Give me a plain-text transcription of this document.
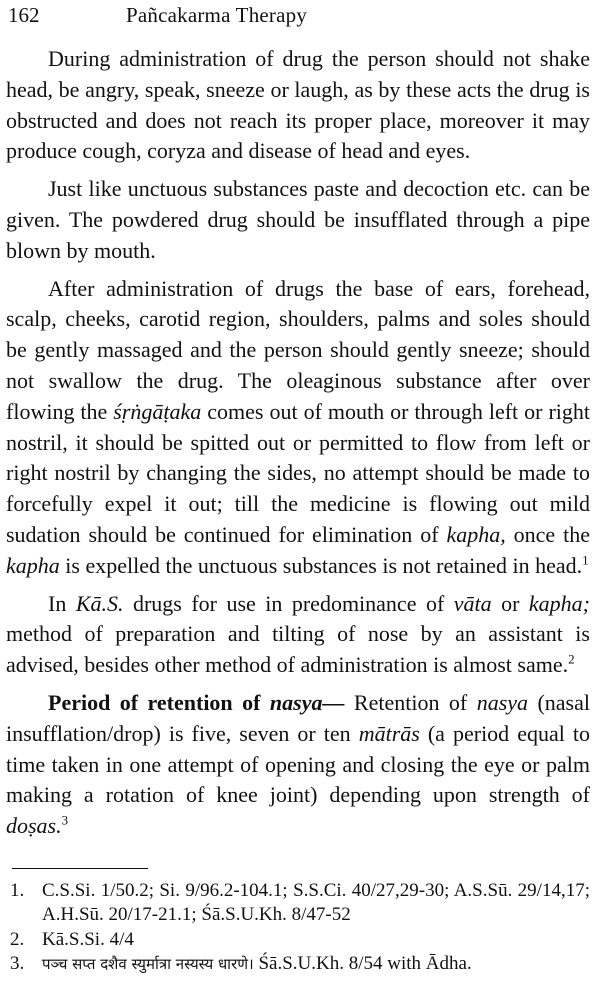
162	Pañcakarma Therapy

During administration of drug the person should not shake head, be angry, speak, sneeze or laugh, as by these acts the drug is obstructed and does not reach its proper place, moreover it may produce cough, coryza and disease of head and eyes.

Just like unctuous substances paste and decoction etc. can be given. The powdered drug should be insufflated through a pipe blown by mouth.

After administration of drugs the base of ears, forehead, scalp, cheeks, carotid region, shoulders, palms and soles should be gently massaged and the person should gently sneeze; should not swallow the drug. The oleaginous substance after over flowing the śṛṅgāṭaka comes out of mouth or through left or right nostril, it should be spitted out or permitted to flow from left or right nostril by changing the sides, no attempt should be made to forcefully expel it out; till the medicine is flowing out mild sudation should be continued for elimination of kapha, once the kapha is expelled the unctuous substances is not retained in head.$^1$

In Kā.S. drugs for use in predominance of vāta or kapha; method of preparation and tilting of nose by an assistant is advised, besides other method of administration is almost same.$^2$

Period of retention of nasya— Retention of nasya (nasal insufflation/drop) is five, seven or ten mātrās (a period equal to time taken in one attempt of opening and closing the eye or palm making a rotation of knee joint) depending upon strength of doṣas.$^3$

1. C.S.Si. 1/50.2; Si. 9/96.2-104.1; S.S.Ci. 40/27,29-30; A.S.Sū. 29/14,17; A.H.Sū. 20/17-21.1; Śā.S.U.Kh. 8/47-52
2. Kā.S.Si. 4/4
3.	पञ्च सप्त दशैव स्युर्मात्रा नस्यस्य धारणे। Śā.S.U.Kh. 8/54 with Ādha.
